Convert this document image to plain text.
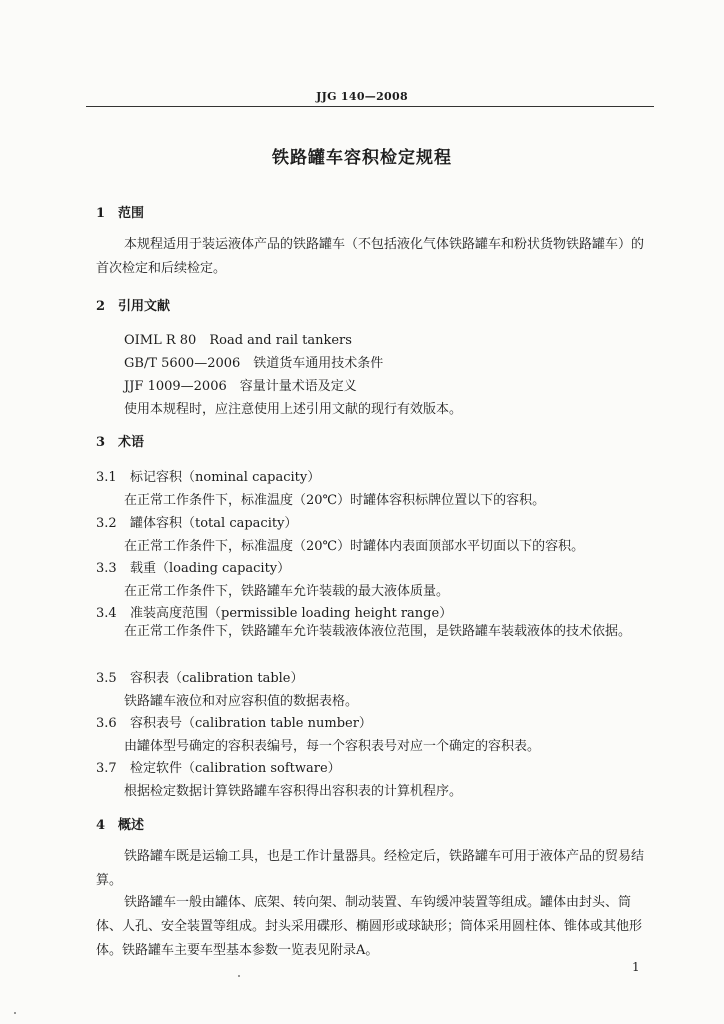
JJG 140—2008
铁路罐车容积检定规程
1 范围
本规程适用于装运液体产品的铁路罐车（不包括液化气体铁路罐车和粉状货物铁路罐车）的首次检定和后续检定。
2 引用文献
OIML R 80　Road and rail tankers
GB/T 5600—2006　铁道货车通用技术条件
JJF 1009—2006　容量计量术语及定义
使用本规程时，应注意使用上述引用文献的现行有效版本。
3 术语
3.1 标记容积（nominal capacity）
在正常工作条件下，标准温度（20℃）时罐体容积标牌位置以下的容积。
3.2 罐体容积（total capacity）
在正常工作条件下，标准温度（20℃）时罐体内表面顶部水平切面以下的容积。
3.3 载重（loading capacity）
在正常工作条件下，铁路罐车允许装载的最大液体质量。
3.4 准装高度范围（permissible loading height range）
在正常工作条件下，铁路罐车允许装载液体液位范围，是铁路罐车装载液体的技术依据。
3.5 容积表（calibration table）
铁路罐车液位和对应容积值的数据表格。
3.6 容积表号（calibration table number）
由罐体型号确定的容积表编号，每一个容积表号对应一个确定的容积表。
3.7 检定软件（calibration software）
根据检定数据计算铁路罐车容积得出容积表的计算机程序。
4 概述
铁路罐车既是运输工具，也是工作计量器具。经检定后，铁路罐车可用于液体产品的贸易结算。
铁路罐车一般由罐体、底架、转向架、制动装置、车钩缓冲装置等组成。罐体由封头、筒体、人孔、安全装置等组成。封头采用碟形、椭圆形或球缺形；筒体采用圆柱体、锥体或其他形体。铁路罐车主要车型基本参数一览表见附录A。
1
